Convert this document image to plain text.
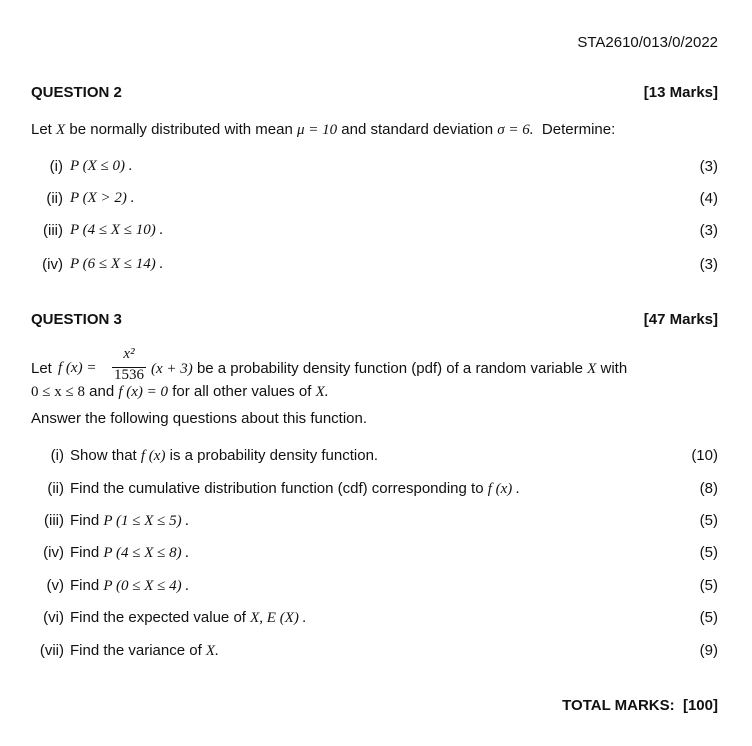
STA2610/013/0/2022
QUESTION 2	[13 Marks]
Let X be normally distributed with mean μ = 10 and standard deviation σ = 6. Determine:
(i) P (X ≤ 0) .	(3)
(ii) P (X > 2) .	(4)
(iii) P (4 ≤ X ≤ 10) .	(3)
(iv) P (6 ≤ X ≤ 14) .	(3)
QUESTION 3	[47 Marks]
Let f (x) =
x²
1536 (x + 3) be a probability density function (pdf) of a random variable X with
0 ≤ x ≤ 8 and f (x) = 0 for all other values of X.
Answer the following questions about this function.
(i) Show that f (x) is a probability density function.	(10)
(ii) Find the cumulative distribution function (cdf) corresponding to f (x) .	(8)
(iii) Find P (1 ≤ X ≤ 5) .	(5)
(iv) Find P (4 ≤ X ≤ 8) .	(5)
(v) Find P (0 ≤ X ≤ 4) .	(5)
(vi) Find the expected value of X, E (X) .	(5)
(vii) Find the variance of X.	(9)
TOTAL MARKS:  [100]
